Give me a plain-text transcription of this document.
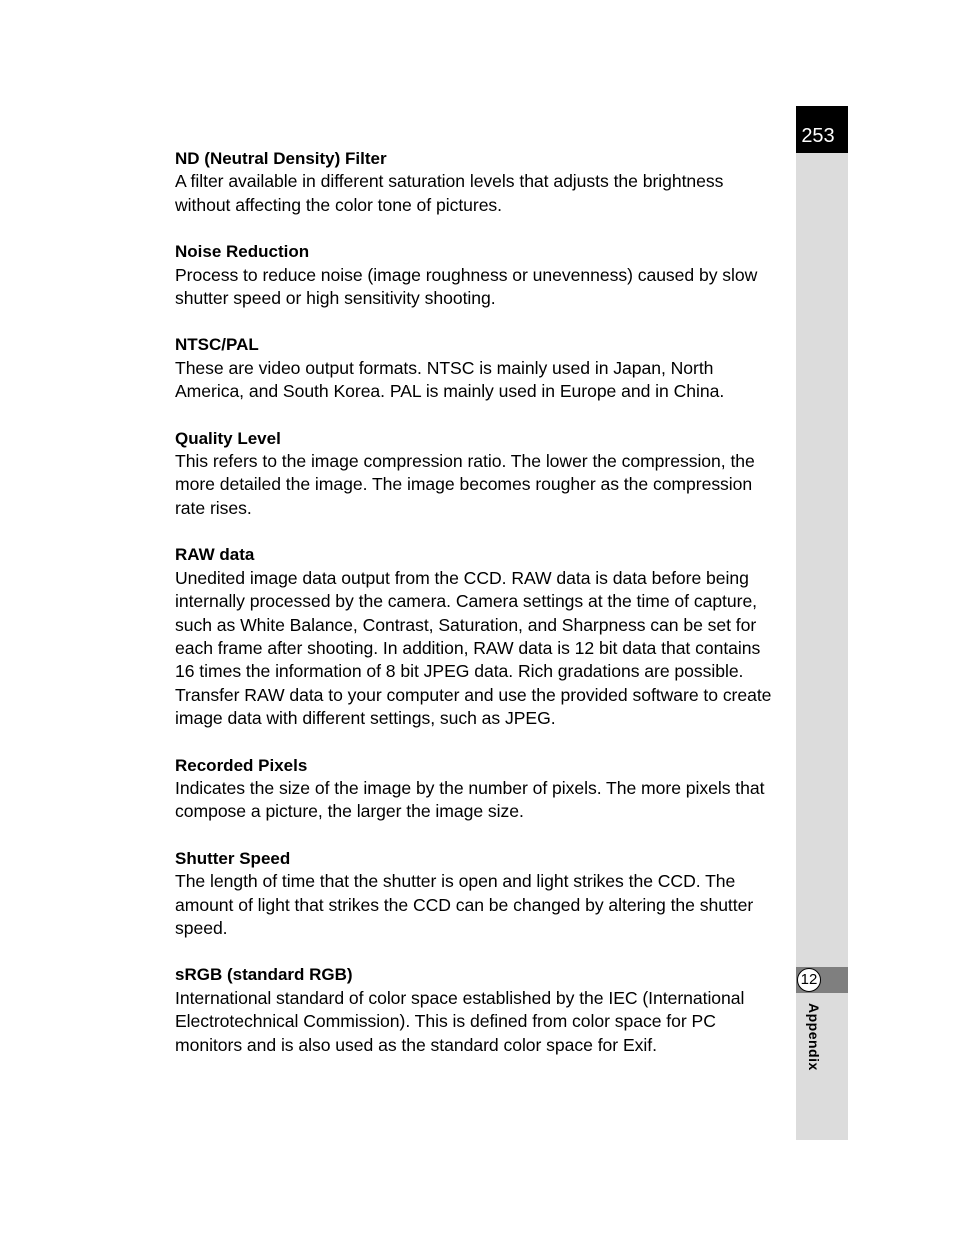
253
12
Appendix

ND (Neutral Density) Filter

A filter available in different saturation levels that adjusts the brightness without affecting the color tone of pictures.

Noise Reduction

Process to reduce noise (image roughness or unevenness) caused by slow shutter speed or high sensitivity shooting.

NTSC/PAL

These are video output formats. NTSC is mainly used in Japan, North America, and South Korea. PAL is mainly used in Europe and in China.

Quality Level

This refers to the image compression ratio. The lower the compression, the more detailed the image. The image becomes rougher as the compression rate rises.

RAW data

Unedited image data output from the CCD. RAW data is data before being internally processed by the camera. Camera settings at the time of capture, such as White Balance, Contrast, Saturation, and Sharpness can be set for each frame after shooting. In addition, RAW data is 12 bit data that contains 16 times the information of 8 bit JPEG data. Rich gradations are possible. Transfer RAW data to your computer and use the provided software to create image data with different settings, such as JPEG.

Recorded Pixels

Indicates the size of the image by the number of pixels. The more pixels that compose a picture, the larger the image size.

Shutter Speed

The length of time that the shutter is open and light strikes the CCD. The amount of light that strikes the CCD can be changed by altering the shutter speed.

sRGB (standard RGB)

International standard of color space established by the IEC (International Electrotechnical Commission). This is defined from color space for PC monitors and is also used as the standard color space for Exif.
